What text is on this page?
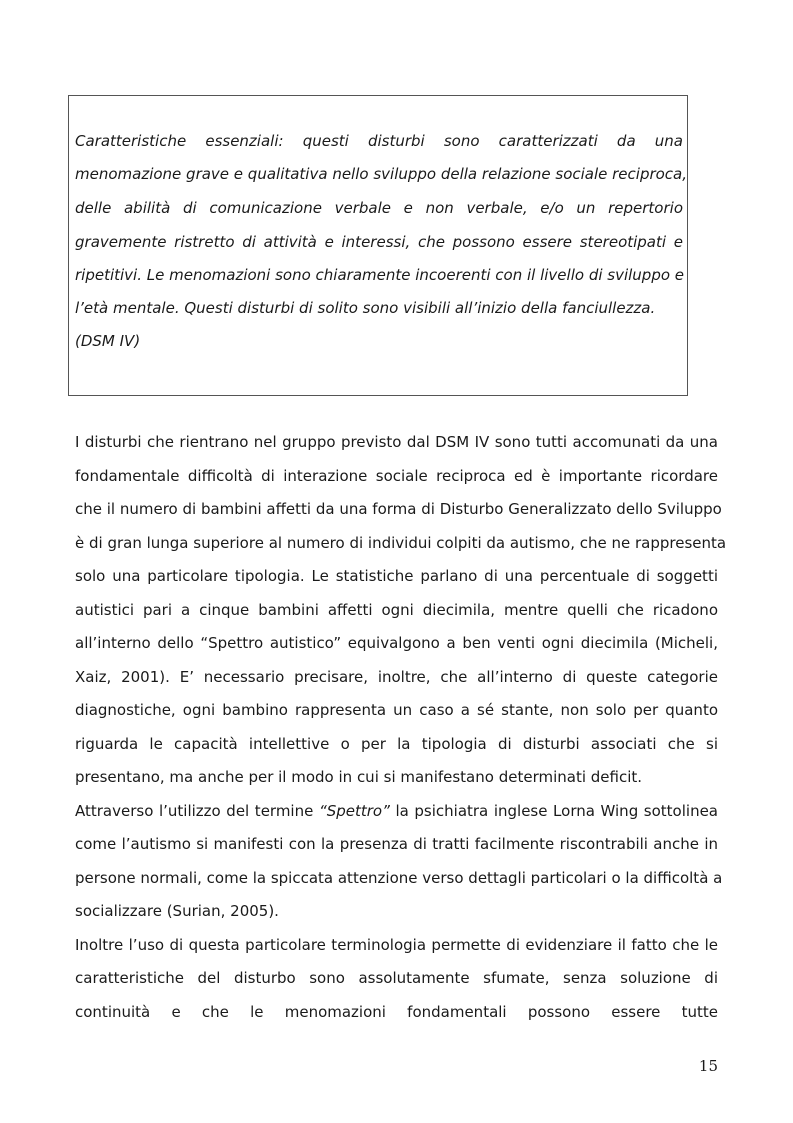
Caratteristiche essenziali: questi disturbi sono caratterizzati da una
menomazione grave e qualitativa nello sviluppo della relazione sociale reciproca,
delle abilità di comunicazione verbale e non verbale, e/o un repertorio
gravemente ristretto di attività e interessi, che possono essere stereotipati e
ripetitivi. Le menomazioni sono chiaramente incoerenti con il livello di sviluppo e
l’età mentale. Questi disturbi di solito sono visibili all’inizio della fanciullezza.
(DSM IV)
I disturbi che rientrano nel gruppo previsto dal DSM IV sono tutti accomunati da una
fondamentale difficoltà di interazione sociale reciproca ed è importante ricordare
che il numero di bambini affetti da una forma di Disturbo Generalizzato dello Sviluppo
è di gran lunga superiore al numero di individui colpiti da autismo, che ne rappresenta
solo una particolare tipologia. Le statistiche parlano di una percentuale di soggetti
autistici pari a cinque bambini affetti ogni diecimila, mentre quelli che ricadono
all’interno dello “Spettro autistico” equivalgono a ben venti ogni diecimila (Micheli,
Xaiz, 2001). E’ necessario precisare, inoltre, che all’interno di queste categorie
diagnostiche, ogni bambino rappresenta un caso a sé stante, non solo per quanto
riguarda le capacità intellettive o per la tipologia di disturbi associati che si
presentano, ma anche per il modo in cui si manifestano determinati deficit.
Attraverso l’utilizzo del termine “Spettro” la psichiatra inglese Lorna Wing sottolinea
come l’autismo si manifesti con la presenza di tratti facilmente riscontrabili anche in
persone normali, come la spiccata attenzione verso dettagli particolari o la difficoltà a
socializzare (Surian, 2005).
Inoltre l’uso di questa particolare terminologia permette di evidenziare il fatto che le
caratteristiche del disturbo sono assolutamente sfumate, senza soluzione di
continuità e che le menomazioni fondamentali possono essere tutte
15
